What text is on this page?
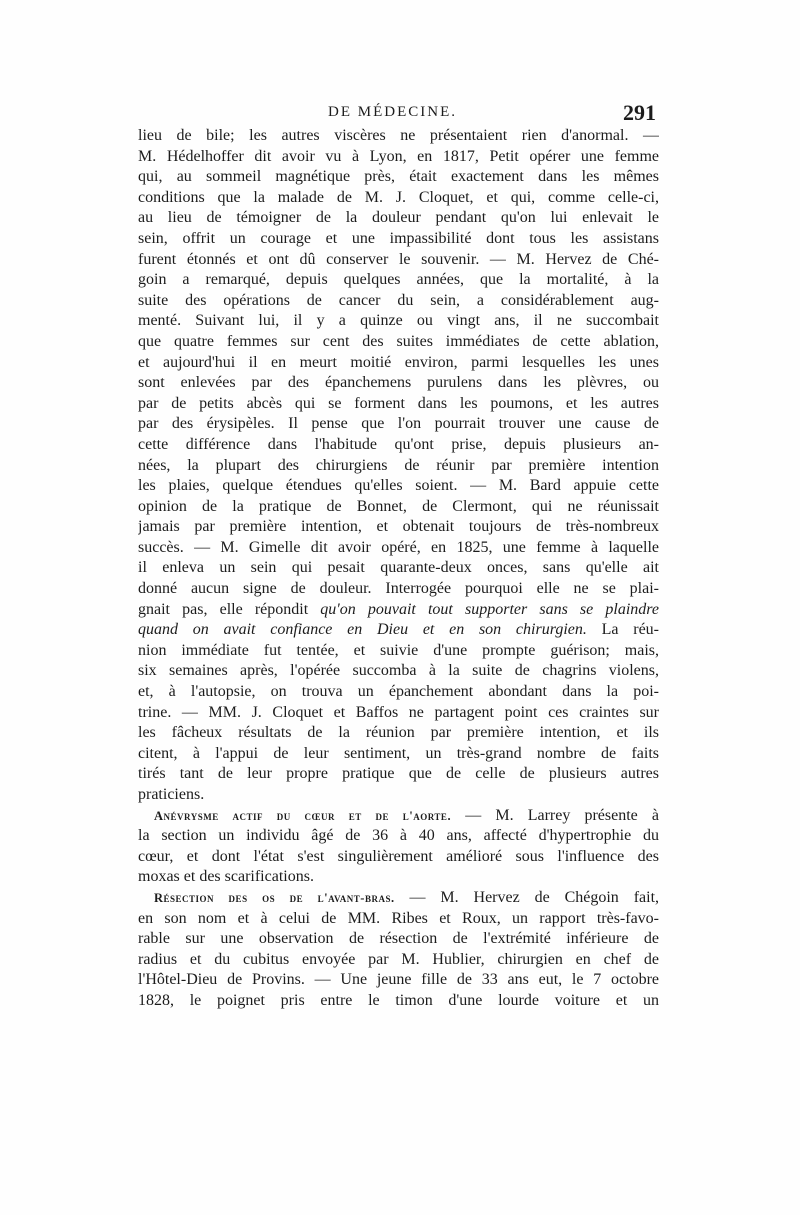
DE MÉDECINE.	291
lieu de bile; les autres viscères ne présentaient rien d'anormal. —
M. Hédelhoffer dit avoir vu à Lyon, en 1817, Petit opérer une femme
qui, au sommeil magnétique près, était exactement dans les mêmes
conditions que la malade de M. J. Cloquet, et qui, comme celle-ci,
au lieu de témoigner de la douleur pendant qu'on lui enlevait le
sein, offrit un courage et une impassibilité dont tous les assistans
furent étonnés et ont dû conserver le souvenir. — M. Hervez de Ché-
goin a remarqué, depuis quelques années, que la mortalité, à la
suite des opérations de cancer du sein, a considérablement aug-
menté. Suivant lui, il y a quinze ou vingt ans, il ne succombait
que quatre femmes sur cent des suites immédiates de cette ablation,
et aujourd'hui il en meurt moitié environ, parmi lesquelles les unes
sont enlevées par des épanchemens purulens dans les plèvres, ou
par de petits abcès qui se forment dans les poumons, et les autres
par des érysipèles. Il pense que l'on pourrait trouver une cause de
cette différence dans l'habitude qu'ont prise, depuis plusieurs an-
nées, la plupart des chirurgiens de réunir par première intention
les plaies, quelque étendues qu'elles soient. — M. Bard appuie cette
opinion de la pratique de Bonnet, de Clermont, qui ne réunissait
jamais par première intention, et obtenait toujours de très-nombreux
succès. — M. Gimelle dit avoir opéré, en 1825, une femme à laquelle
il enleva un sein qui pesait quarante-deux onces, sans qu'elle ait
donné aucun signe de douleur. Interrogée pourquoi elle ne se plai-
gnait pas, elle répondit qu'on pouvait tout supporter sans se plaindre
quand on avait confiance en Dieu et en son chirurgien. La réu-
nion immédiate fut tentée, et suivie d'une prompte guérison; mais,
six semaines après, l'opérée succomba à la suite de chagrins violens,
et, à l'autopsie, on trouva un épanchement abondant dans la poi-
trine. — MM. J. Cloquet et Baffos ne partagent point ces craintes sur
les fâcheux résultats de la réunion par première intention, et ils
citent, à l'appui de leur sentiment, un très-grand nombre de faits
tirés tant de leur propre pratique que de celle de plusieurs autres
praticiens.
Anévrysme actif du cœur et de l'aorte. — M. Larrey présente à
la section un individu âgé de 36 à 40 ans, affecté d'hypertrophie du
cœur, et dont l'état s'est singulièrement amélioré sous l'influence des
moxas et des scarifications.
Résection des os de l'avant-bras. — M. Hervez de Chégoin fait,
en son nom et à celui de MM. Ribes et Roux, un rapport très-favo-
rable sur une observation de résection de l'extrémité inférieure de
radius et du cubitus envoyée par M. Hublier, chirurgien en chef de
l'Hôtel-Dieu de Provins. — Une jeune fille de 33 ans eut, le 7 octobre
1828, le poignet pris entre le timon d'une lourde voiture et un
